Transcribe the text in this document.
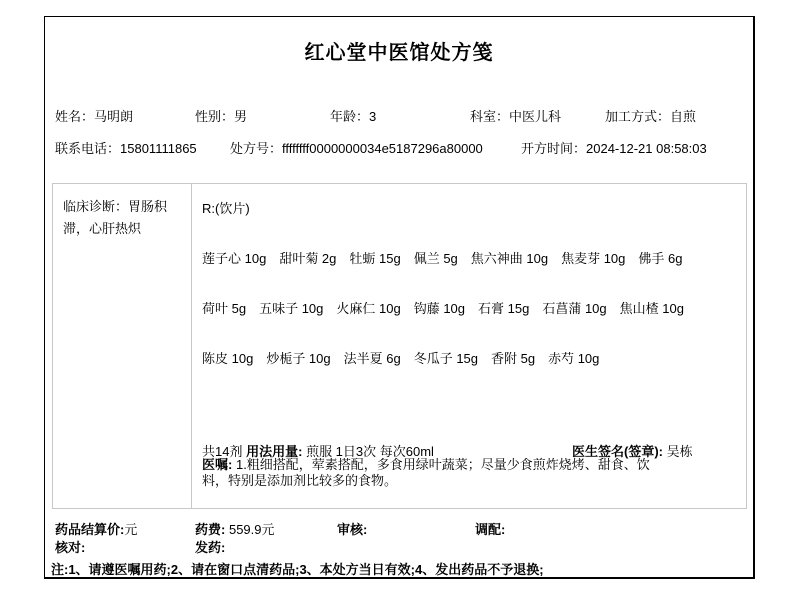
红心堂中医馆处方笺
姓名：马明朗	性别：男	年龄：3	科室：中医儿科	加工方式：自煎
联系电话：15801111865	处方号：ffffffff0000000034e5187296a80000	开方时间：2024-12-21 08:58:03
临床诊断：胃肠积滞，心肝热炽
R:(饮片)
莲子心 10g 甜叶菊 2g 牡蛎 15g 佩兰 5g 焦六神曲 10g 焦麦芽 10g 佛手 6g
荷叶 5g 五味子 10g 火麻仁 10g 钩藤 10g 石膏 15g 石菖蒲 10g 焦山楂 10g
陈皮 10g 炒栀子 10g 法半夏 6g 冬瓜子 15g 香附 5g 赤芍 10g
共14剂 用法用量: 煎服 1日3次 每次60ml	医生签名(签章): 吴栋
医嘱: 1.粗细搭配，荤素搭配，多食用绿叶蔬菜；尽量少食煎炸烧烤、甜食、饮料，特别是添加剂比较多的食物。
药品结算价:元	药费: 559.9元	审核:	调配:
核对:	发药:
注:1、请遵医嘱用药;2、请在窗口点清药品;3、本处方当日有效;4、发出药品不予退换;
